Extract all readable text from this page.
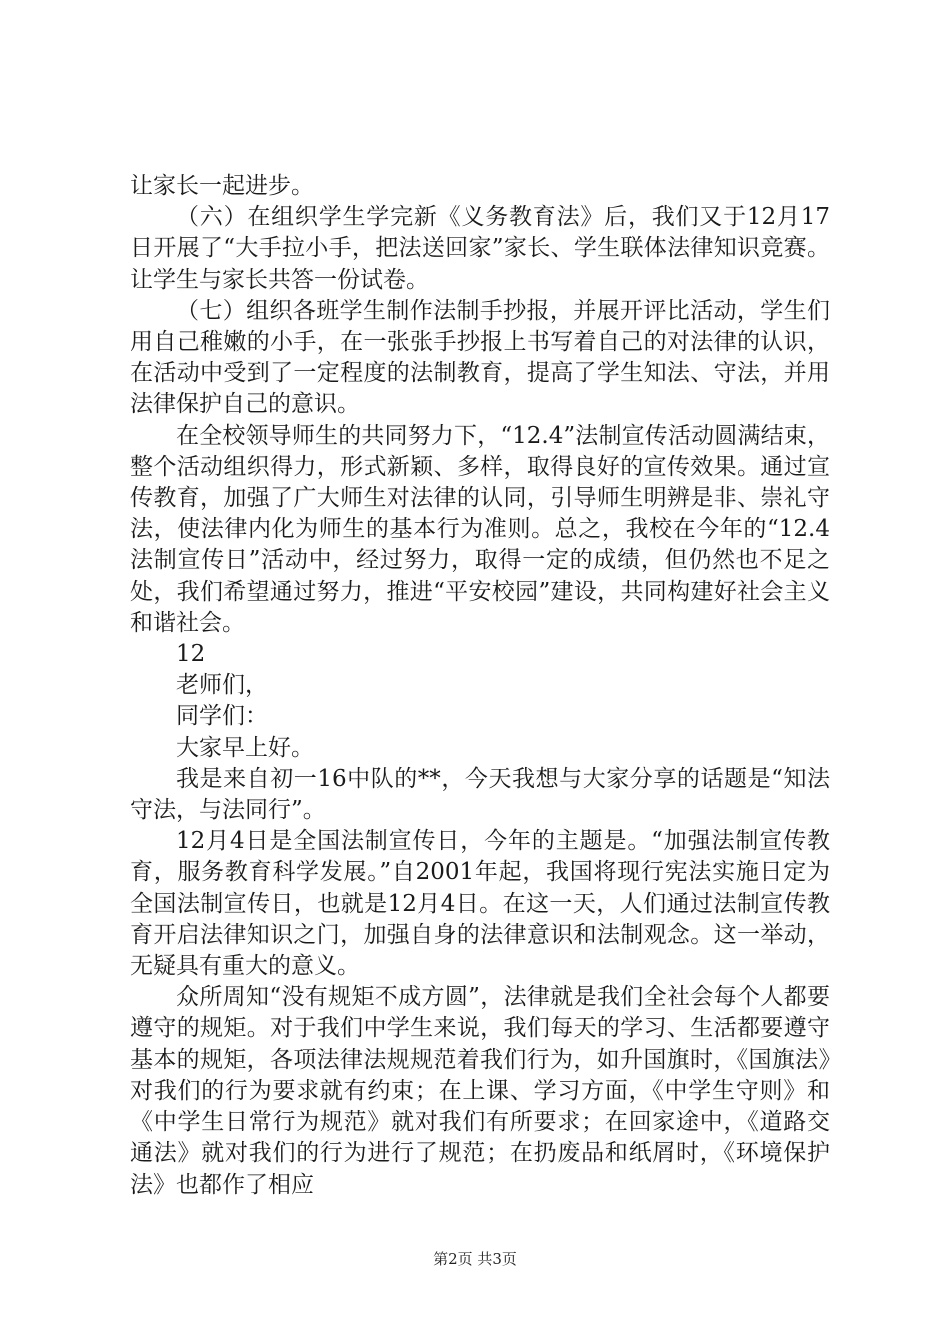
让家长一起进步。

（六）在组织学生学完新《义务教育法》后，我们又于12月17日开展了“大手拉小手，把法送回家”家长、学生联体法律知识竞赛。让学生与家长共答一份试卷。

（七）组织各班学生制作法制手抄报，并展开评比活动，学生们用自己稚嫩的小手，在一张张手抄报上书写着自己的对法律的认识，在活动中受到了一定程度的法制教育，提高了学生知法、守法，并用法律保护自己的意识。

在全校领导师生的共同努力下，“12.4”法制宣传活动圆满结束，整个活动组织得力，形式新颖、多样，取得良好的宣传效果。通过宣传教育，加强了广大师生对法律的认同，引导师生明辨是非、崇礼守法，使法律内化为师生的基本行为准则。总之，我校在今年的“12.4法制宣传日”活动中，经过努力，取得一定的成绩，但仍然也不足之处，我们希望通过努力，推进“平安校园”建设，共同构建好社会主义和谐社会。

12

老师们，

同学们：

大家早上好。

我是来自初一16中队的**，今天我想与大家分享的话题是“知法守法，与法同行”。

12月4日是全国法制宣传日，今年的主题是。“加强法制宣传教育，服务教育科学发展。”自2001年起，我国将现行宪法实施日定为全国法制宣传日，也就是12月4日。在这一天，人们通过法制宣传教育开启法律知识之门，加强自身的法律意识和法制观念。这一举动，无疑具有重大的意义。

众所周知“没有规矩不成方圆”，法律就是我们全社会每个人都要遵守的规矩。对于我们中学生来说，我们每天的学习、生活都要遵守基本的规矩，各项法律法规规范着我们行为，如升国旗时，《国旗法》对我们的行为要求就有约束；在上课、学习方面，《中学生守则》和《中学生日常行为规范》就对我们有所要求；在回家途中，《道路交通法》就对我们的行为进行了规范；在扔废品和纸屑时，《环境保护法》也都作了相应

第2页 共3页
